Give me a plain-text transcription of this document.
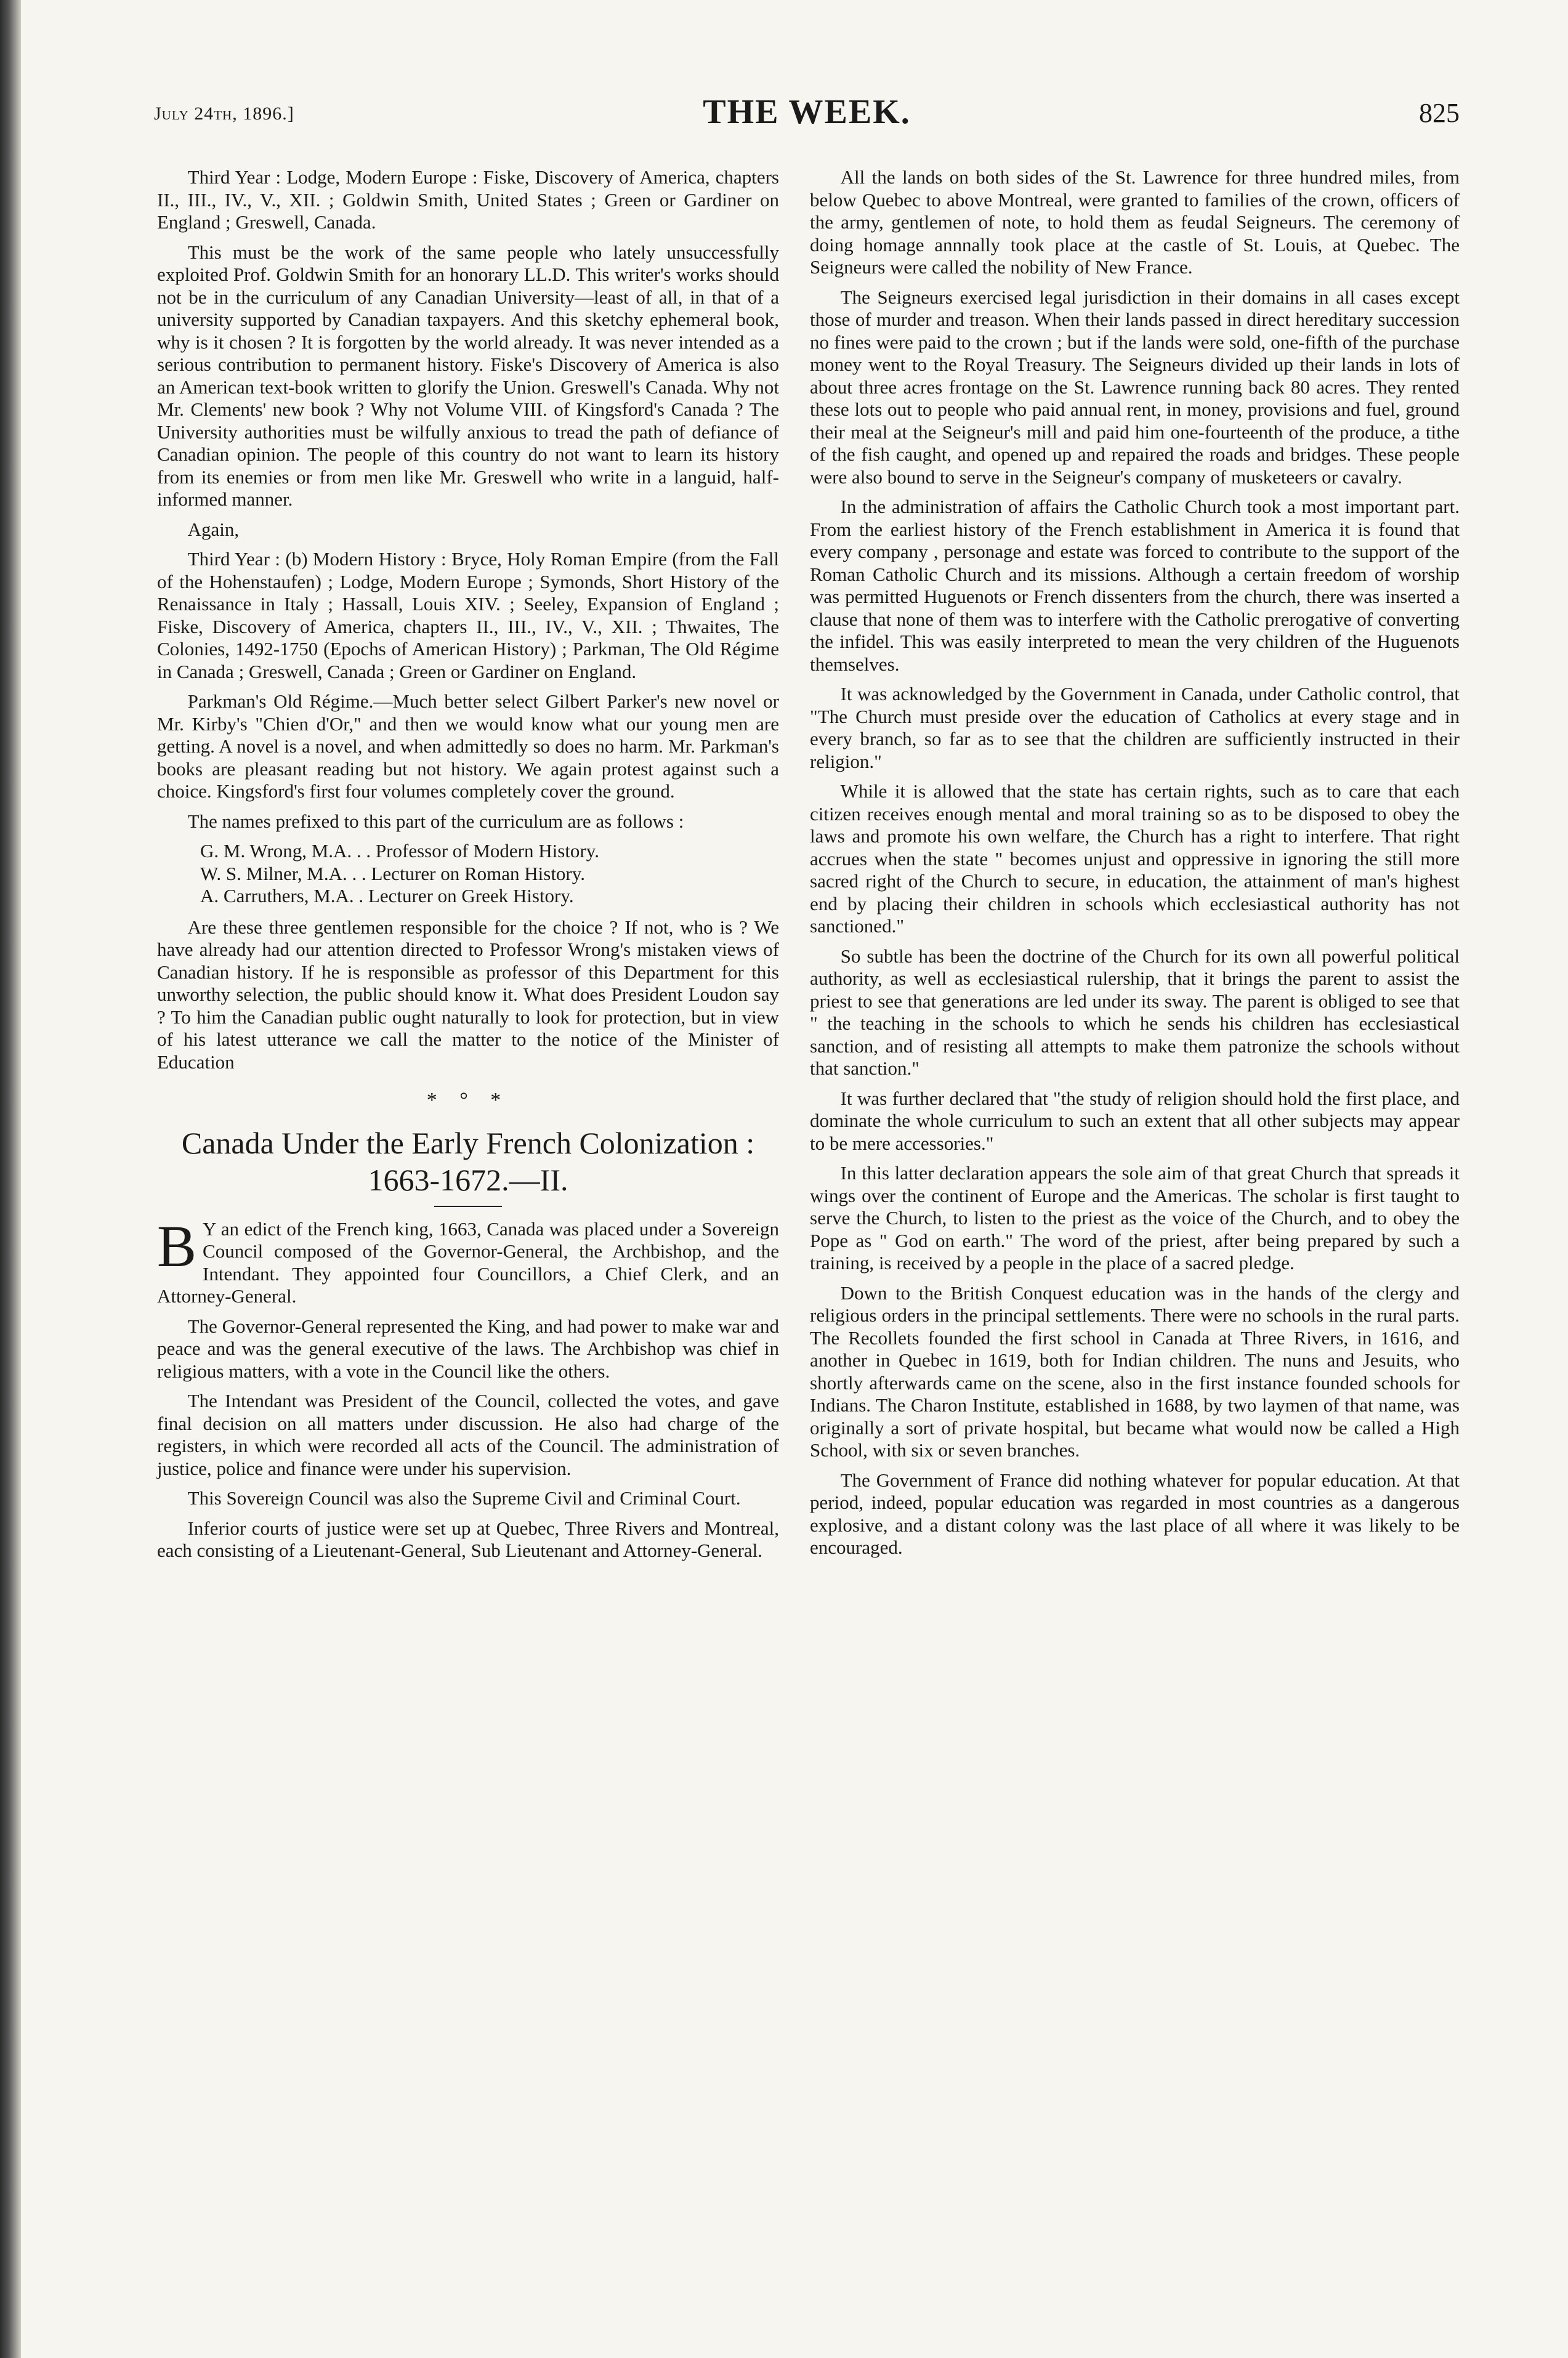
July 24th, 1896.]	THE WEEK.	825

Third Year : Lodge, Modern Europe : Fiske, Discovery of America, chapters II., III., IV., V., XII. ; Goldwin Smith, United States ; Green or Gardiner on England ; Greswell, Canada.

This must be the work of the same people who lately unsuccessfully exploited Prof. Goldwin Smith for an honorary LL.D. This writer's works should not be in the curriculum of any Canadian University—least of all, in that of a university supported by Canadian taxpayers. And this sketchy ephemeral book, why is it chosen ? It is forgotten by the world already. It was never intended as a serious contribution to permanent history. Fiske's Discovery of America is also an American text-book written to glorify the Union. Greswell's Canada. Why not Mr. Clements' new book ? Why not Volume VIII. of Kingsford's Canada ? The University authorities must be wilfully anxious to tread the path of defiance of Canadian opinion. The people of this country do not want to learn its history from its enemies or from men like Mr. Greswell who write in a languid, half-informed manner.

Again,

Third Year : (b) Modern History : Bryce, Holy Roman Empire (from the Fall of the Hohenstaufen) ; Lodge, Modern Europe ; Symonds, Short History of the Renaissance in Italy ; Hassall, Louis XIV. ; Seeley, Expansion of England ; Fiske, Discovery of America, chapters II., III., IV., V., XII. ; Thwaites, The Colonies, 1492-1750 (Epochs of American History) ; Parkman, The Old Régime in Canada ; Greswell, Canada ; Green or Gardiner on England.

Parkman's Old Régime.—Much better select Gilbert Parker's new novel or Mr. Kirby's "Chien d'Or," and then we would know what our young men are getting. A novel is a novel, and when admittedly so does no harm. Mr. Parkman's books are pleasant reading but not history. We again protest against such a choice. Kingsford's first four volumes completely cover the ground.

The names prefixed to this part of the curriculum are as follows :

G. M. Wrong, M.A. . . Professor of Modern History.
W. S. Milner, M.A. . . Lecturer on Roman History.
A. Carruthers, M.A. . Lecturer on Greek History.

Are these three gentlemen responsible for the choice ? If not, who is ? We have already had our attention directed to Professor Wrong's mistaken views of Canadian history. If he is responsible as professor of this Department for this unworthy selection, the public should know it. What does President Loudon say ? To him the Canadian public ought naturally to look for protection, but in view of his latest utterance we call the matter to the notice of the Minister of Education

* ° *
Canada Under the Early French Colonization : 1663-1672.—II.

B Y an edict of the French king, 1663, Canada was placed under a Sovereign Council composed of the Governor-General, the Archbishop, and the Intendant. They appointed four Councillors, a Chief Clerk, and an Attorney-General.

The Governor-General represented the King, and had power to make war and peace and was the general executive of the laws. The Archbishop was chief in religious matters, with a vote in the Council like the others.

The Intendant was President of the Council, collected the votes, and gave final decision on all matters under discussion. He also had charge of the registers, in which were recorded all acts of the Council. The administration of justice, police and finance were under his supervision.

This Sovereign Council was also the Supreme Civil and Criminal Court.

Inferior courts of justice were set up at Quebec, Three Rivers and Montreal, each consisting of a Lieutenant-General, Sub Lieutenant and Attorney-General.

All the lands on both sides of the St. Lawrence for three hundred miles, from below Quebec to above Montreal, were granted to families of the crown, officers of the army, gentlemen of note, to hold them as feudal Seigneurs. The ceremony of doing homage annnally took place at the castle of St. Louis, at Quebec. The Seigneurs were called the nobility of New France.

The Seigneurs exercised legal jurisdiction in their domains in all cases except those of murder and treason. When their lands passed in direct hereditary succession no fines were paid to the crown ; but if the lands were sold, one-fifth of the purchase money went to the Royal Treasury. The Seigneurs divided up their lands in lots of about three acres frontage on the St. Lawrence running back 80 acres. They rented these lots out to people who paid annual rent, in money, provisions and fuel, ground their meal at the Seigneur's mill and paid him one-fourteenth of the produce, a tithe of the fish caught, and opened up and repaired the roads and bridges. These people were also bound to serve in the Seigneur's company of musketeers or cavalry.

In the administration of affairs the Catholic Church took a most important part. From the earliest history of the French establishment in America it is found that every company , personage and estate was forced to contribute to the support of the Roman Catholic Church and its missions. Although a certain freedom of worship was permitted Huguenots or French dissenters from the church, there was inserted a clause that none of them was to interfere with the Catholic prerogative of converting the infidel. This was easily interpreted to mean the very children of the Huguenots themselves.

It was acknowledged by the Government in Canada, under Catholic control, that "The Church must preside over the education of Catholics at every stage and in every branch, so far as to see that the children are sufficiently instructed in their religion."

While it is allowed that the state has certain rights, such as to care that each citizen receives enough mental and moral training so as to be disposed to obey the laws and promote his own welfare, the Church has a right to interfere. That right accrues when the state " becomes unjust and oppressive in ignoring the still more sacred right of the Church to secure, in education, the attainment of man's highest end by placing their children in schools which ecclesiastical authority has not sanctioned."

So subtle has been the doctrine of the Church for its own all powerful political authority, as well as ecclesiastical rulership, that it brings the parent to assist the priest to see that generations are led under its sway. The parent is obliged to see that " the teaching in the schools to which he sends his children has ecclesiastical sanction, and of resisting all attempts to make them patronize the schools without that sanction."

It was further declared that "the study of religion should hold the first place, and dominate the whole curriculum to such an extent that all other subjects may appear to be mere accessories."

In this latter declaration appears the sole aim of that great Church that spreads it wings over the continent of Europe and the Americas. The scholar is first taught to serve the Church, to listen to the priest as the voice of the Church, and to obey the Pope as " God on earth." The word of the priest, after being prepared by such a training, is received by a people in the place of a sacred pledge.

Down to the British Conquest education was in the hands of the clergy and religious orders in the principal settlements. There were no schools in the rural parts. The Recollets founded the first school in Canada at Three Rivers, in 1616, and another in Quebec in 1619, both for Indian children. The nuns and Jesuits, who shortly afterwards came on the scene, also in the first instance founded schools for Indians. The Charon Institute, established in 1688, by two laymen of that name, was originally a sort of private hospital, but became what would now be called a High School, with six or seven branches.

The Government of France did nothing whatever for popular education. At that period, indeed, popular education was regarded in most countries as a dangerous explosive, and a distant colony was the last place of all where it was likely to be encouraged.
